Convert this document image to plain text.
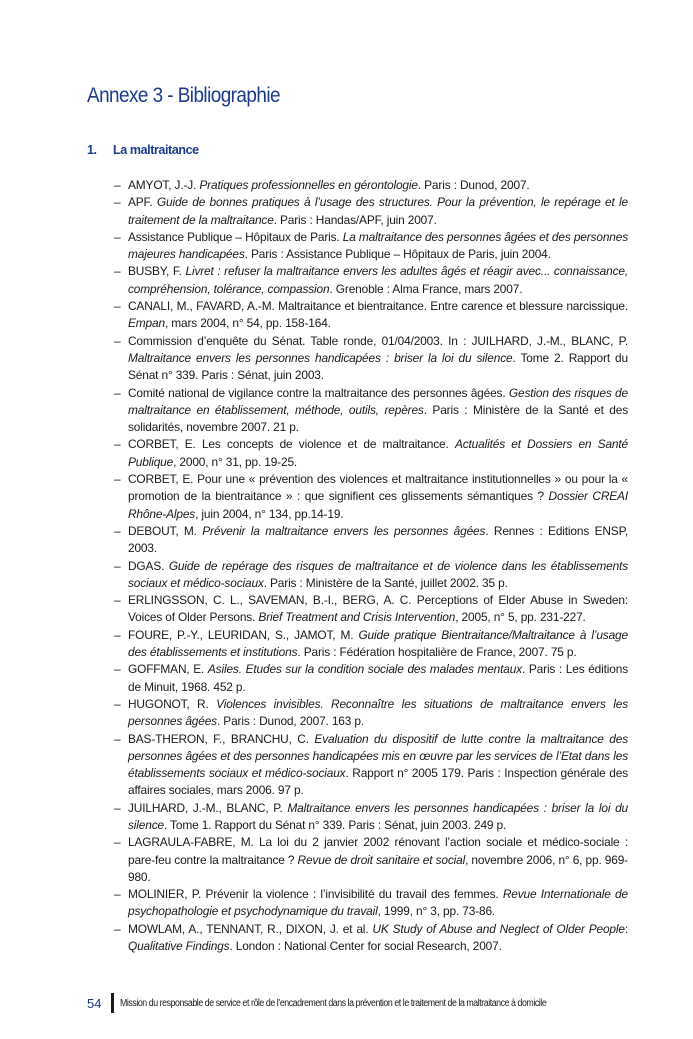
Annexe 3 - Bibliographie
1. La maltraitance
– AMYOT, J.-J. Pratiques professionnelles en gérontologie. Paris : Dunod, 2007.
– APF. Guide de bonnes pratiques à l’usage des structures. Pour la prévention, le repérage et le traitement de la maltraitance. Paris : Handas/APF, juin 2007.
– Assistance Publique – Hôpitaux de Paris. La maltraitance des personnes âgées et des personnes majeures handicapées. Paris : Assistance Publique – Hôpitaux de Paris, juin 2004.
– BUSBY, F. Livret : refuser la maltraitance envers les adultes âgés et réagir avec... connaissance, compréhension, tolérance, compassion. Grenoble : Alma France, mars 2007.
– CANALI, M., FAVARD, A.-M. Maltraitance et bientraitance. Entre carence et blessure narcissique. Empan, mars 2004, n° 54, pp. 158-164.
– Commission d’enquête du Sénat. Table ronde, 01/04/2003. In : JUILHARD, J.-M., BLANC, P. Maltraitance envers les personnes handicapées : briser la loi du silence. Tome 2. Rapport du Sénat n° 339. Paris : Sénat, juin 2003.
– Comité national de vigilance contre la maltraitance des personnes âgées. Gestion des risques de maltraitance en établissement, méthode, outils, repères. Paris : Ministère de la Santé et des solidarités, novembre 2007. 21 p.
– CORBET, E. Les concepts de violence et de maltraitance. Actualités et Dossiers en Santé Publique, 2000, n° 31, pp. 19-25.
– CORBET, E. Pour une « prévention des violences et maltraitance institutionnelles » ou pour la « promotion de la bientraitance » : que signifient ces glissements sémantiques ? Dossier CREAI Rhône-Alpes, juin 2004, n° 134, pp.14-19.
– DEBOUT, M. Prévenir la maltraitance envers les personnes âgées. Rennes : Editions ENSP, 2003.
– DGAS. Guide de repérage des risques de maltraitance et de violence dans les établissements sociaux et médico-sociaux. Paris : Ministère de la Santé, juillet 2002. 35 p.
– ERLINGSSON, C. L., SAVEMAN, B.-I., BERG, A. C. Perceptions of Elder Abuse in Sweden: Voices of Older Persons. Brief Treatment and Crisis Intervention, 2005, n° 5, pp. 231-227.
– FOURE, P.-Y., LEURIDAN, S., JAMOT, M. Guide pratique Bientraitance/Maltraitance à l’usage des établissements et institutions. Paris : Fédération hospitalière de France, 2007. 75 p.
– GOFFMAN, E. Asiles. Etudes sur la condition sociale des malades mentaux. Paris : Les éditions de Minuit, 1968. 452 p.
– HUGONOT, R. Violences invisibles. Reconnaître les situations de maltraitance envers les personnes âgées. Paris : Dunod, 2007. 163 p.
– BAS-THERON, F., BRANCHU, C. Evaluation du dispositif de lutte contre la maltraitance des personnes âgées et des personnes handicapées mis en œuvre par les services de l’Etat dans les établissements sociaux et médico-sociaux. Rapport n° 2005 179. Paris : Inspection générale des affaires sociales, mars 2006. 97 p.
– JUILHARD, J.-M., BLANC, P. Maltraitance envers les personnes handicapées : briser la loi du silence. Tome 1. Rapport du Sénat n° 339. Paris : Sénat, juin 2003. 249 p.
– LAGRAULA-FABRE, M. La loi du 2 janvier 2002 rénovant l’action sociale et médico-sociale : pare-feu contre la maltraitance ? Revue de droit sanitaire et social, novembre 2006, n° 6, pp. 969-980.
– MOLINIER, P. Prévenir la violence : l’invisibilité du travail des femmes. Revue Internationale de psychopathologie et psychodynamique du travail, 1999, n° 3, pp. 73-86.
– MOWLAM, A., TENNANT, R., DIXON, J. et al. UK Study of Abuse and Neglect of Older People: Qualitative Findings. London : National Center for social Research, 2007.
54 Mission du responsable de service et rôle de l’encadrement dans la prévention et le traitement de la maltraitance à domicile
